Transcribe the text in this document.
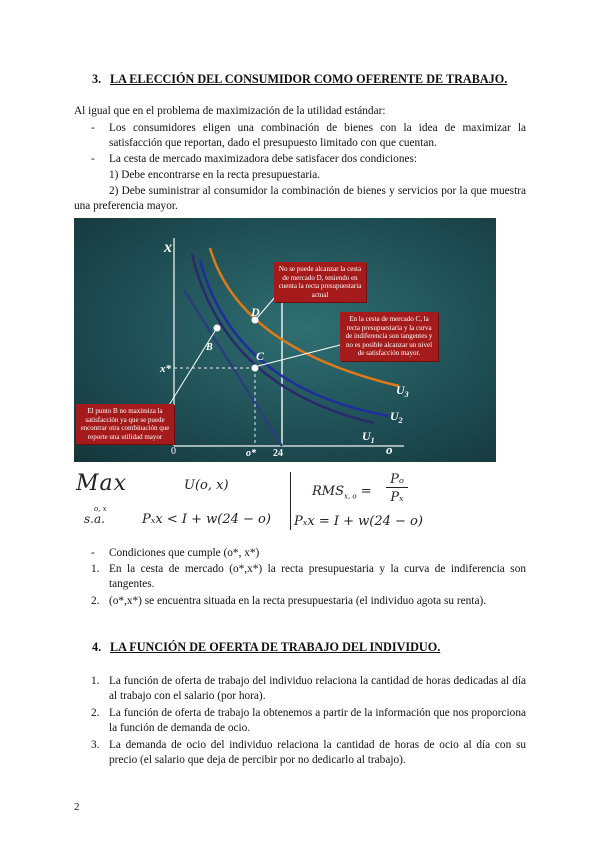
3. LA ELECCIÓN DEL CONSUMIDOR COMO OFERENTE DE TRABAJO.

Al igual que en el problema de maximización de la utilidad estándar:

- Los consumidores eligen una combinación de bienes con la idea de maximizar la satisfacción que reportan, dado el presupuesto limitado con que cuentan.
- La cesta de mercado maximizadora debe satisfacer dos condiciones:

1) Debe encontrarse en la recta presupuestaria.

2) Debe suministrar al consumidor la combinación de bienes y servicios por la que muestra una preferencia mayor.

x
o
0
x*
o* 24
B
C
D
$U_1$
$U_2$
$U_3$
No se puede alcanzar la cesta de mercado D, teniendo en cuenta la recta presupuestaria actual
En la cesta de mercado C, la recta presupuestaria y la curva de indiferencia son tangentes y no es posible alcanzar un nivel de satisfacción mayor.
El punto B no maximiza la satisfacción ya que se puede encontrar otra combinación que reporte una utilidad mayor
Max
o, x
s.a.
U(o, x)
Pₓx < I + w(24 − o)
$RMS_{x, o}$ =
Pₒ
Pₓ
Pₓx = I + w(24 − o)
- Condiciones que cumple (o*, x*)
1. En la cesta de mercado (o*,x*) la recta presupuestaria y la curva de indiferencia son tangentes.
2. (o*,x*) se encuentra situada en la recta presupuestaria (el individuo agota su renta).
4. LA FUNCIÓN DE OFERTA DE TRABAJO DEL INDIVIDUO.
1. La función de oferta de trabajo del individuo relaciona la cantidad de horas dedicadas al día al trabajo con el salario (por hora).
2. La función de oferta de trabajo la obtenemos a partir de la información que nos proporciona la función de demanda de ocio.
3. La demanda de ocio del individuo relaciona la cantidad de horas de ocio al día con su precio (el salario que deja de percibir por no dedicarlo al trabajo).
2
